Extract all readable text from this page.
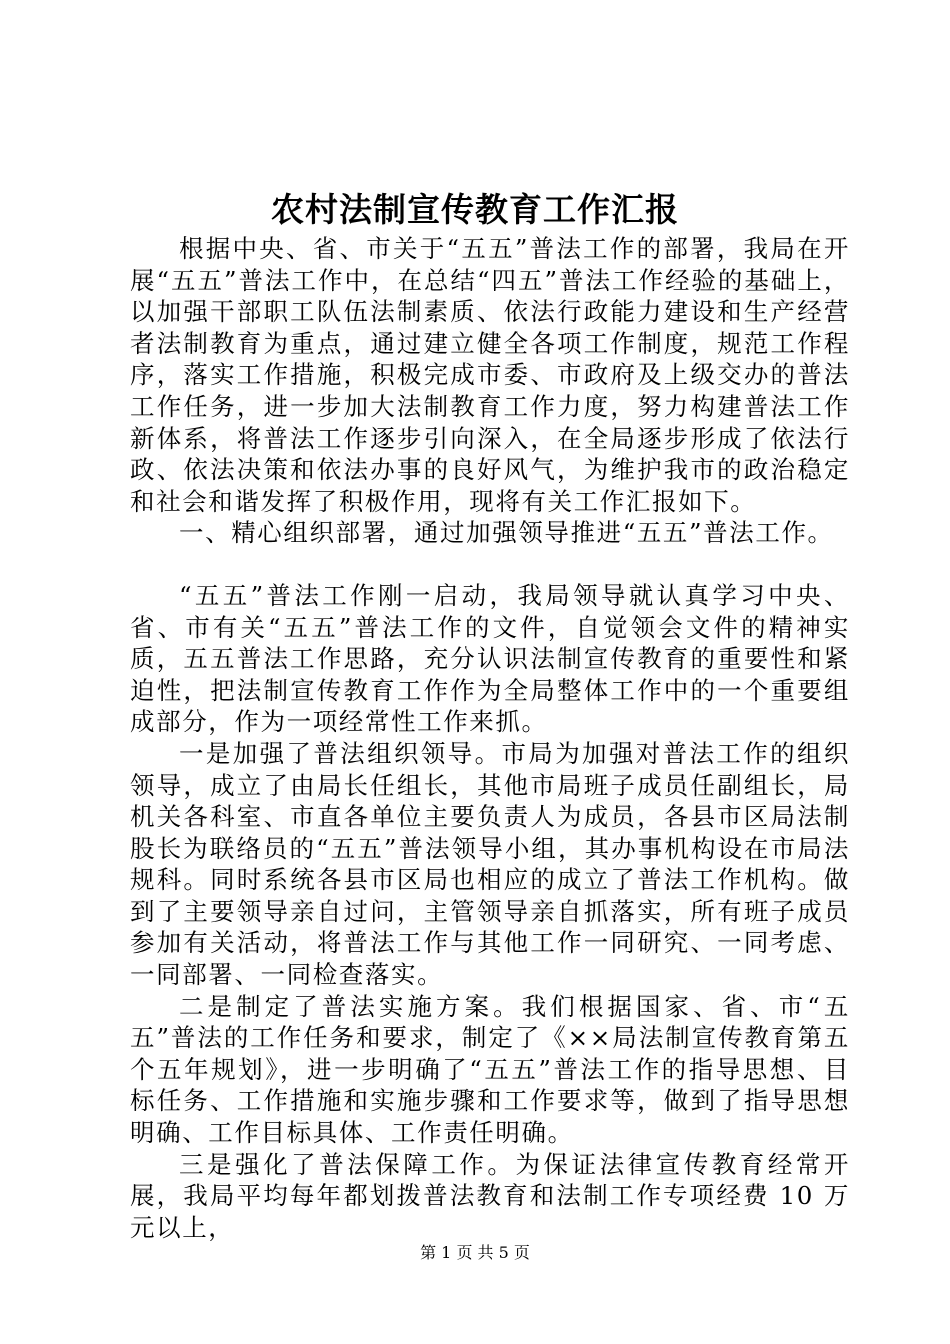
农村法制宣传教育工作汇报

根据中央、省、市关于“五五”普法工作的部署，我局在开展“五五”普法工作中，在总结“四五”普法工作经验的基础上，以加强干部职工队伍法制素质、依法行政能力建设和生产经营者法制教育为重点，通过建立健全各项工作制度，规范工作程序，落实工作措施，积极完成市委、市政府及上级交办的普法工作任务，进一步加大法制教育工作力度，努力构建普法工作新体系，将普法工作逐步引向深入，在全局逐步形成了依法行政、依法决策和依法办事的良好风气，为维护我市的政治稳定和社会和谐发挥了积极作用，现将有关工作汇报如下。

一、精心组织部署，通过加强领导推进“五五”普法工作。

“五五”普法工作刚一启动，我局领导就认真学习中央、省、市有关“五五”普法工作的文件，自觉领会文件的精神实质，五五普法工作思路，充分认识法制宣传教育的重要性和紧迫性，把法制宣传教育工作作为全局整体工作中的一个重要组成部分，作为一项经常性工作来抓。

一是加强了普法组织领导。市局为加强对普法工作的组织领导，成立了由局长任组长，其他市局班子成员任副组长，局机关各科室、市直各单位主要负责人为成员，各县市区局法制股长为联络员的“五五”普法领导小组，其办事机构设在市局法规科。同时系统各县市区局也相应的成立了普法工作机构。做到了主要领导亲自过问，主管领导亲自抓落实，所有班子成员参加有关活动，将普法工作与其他工作一同研究、一同考虑、一同部署、一同检查落实。

二是制定了普法实施方案。我们根据国家、省、市“五五”普法的工作任务和要求，制定了《××局法制宣传教育第五个五年规划》，进一步明确了“五五”普法工作的指导思想、目标任务、工作措施和实施步骤和工作要求等，做到了指导思想明确、工作目标具体、工作责任明确。

三是强化了普法保障工作。为保证法律宣传教育经常开展，我局平均每年都划拨普法教育和法制工作专项经费 10 万元以上，

第 1 页 共 5 页
